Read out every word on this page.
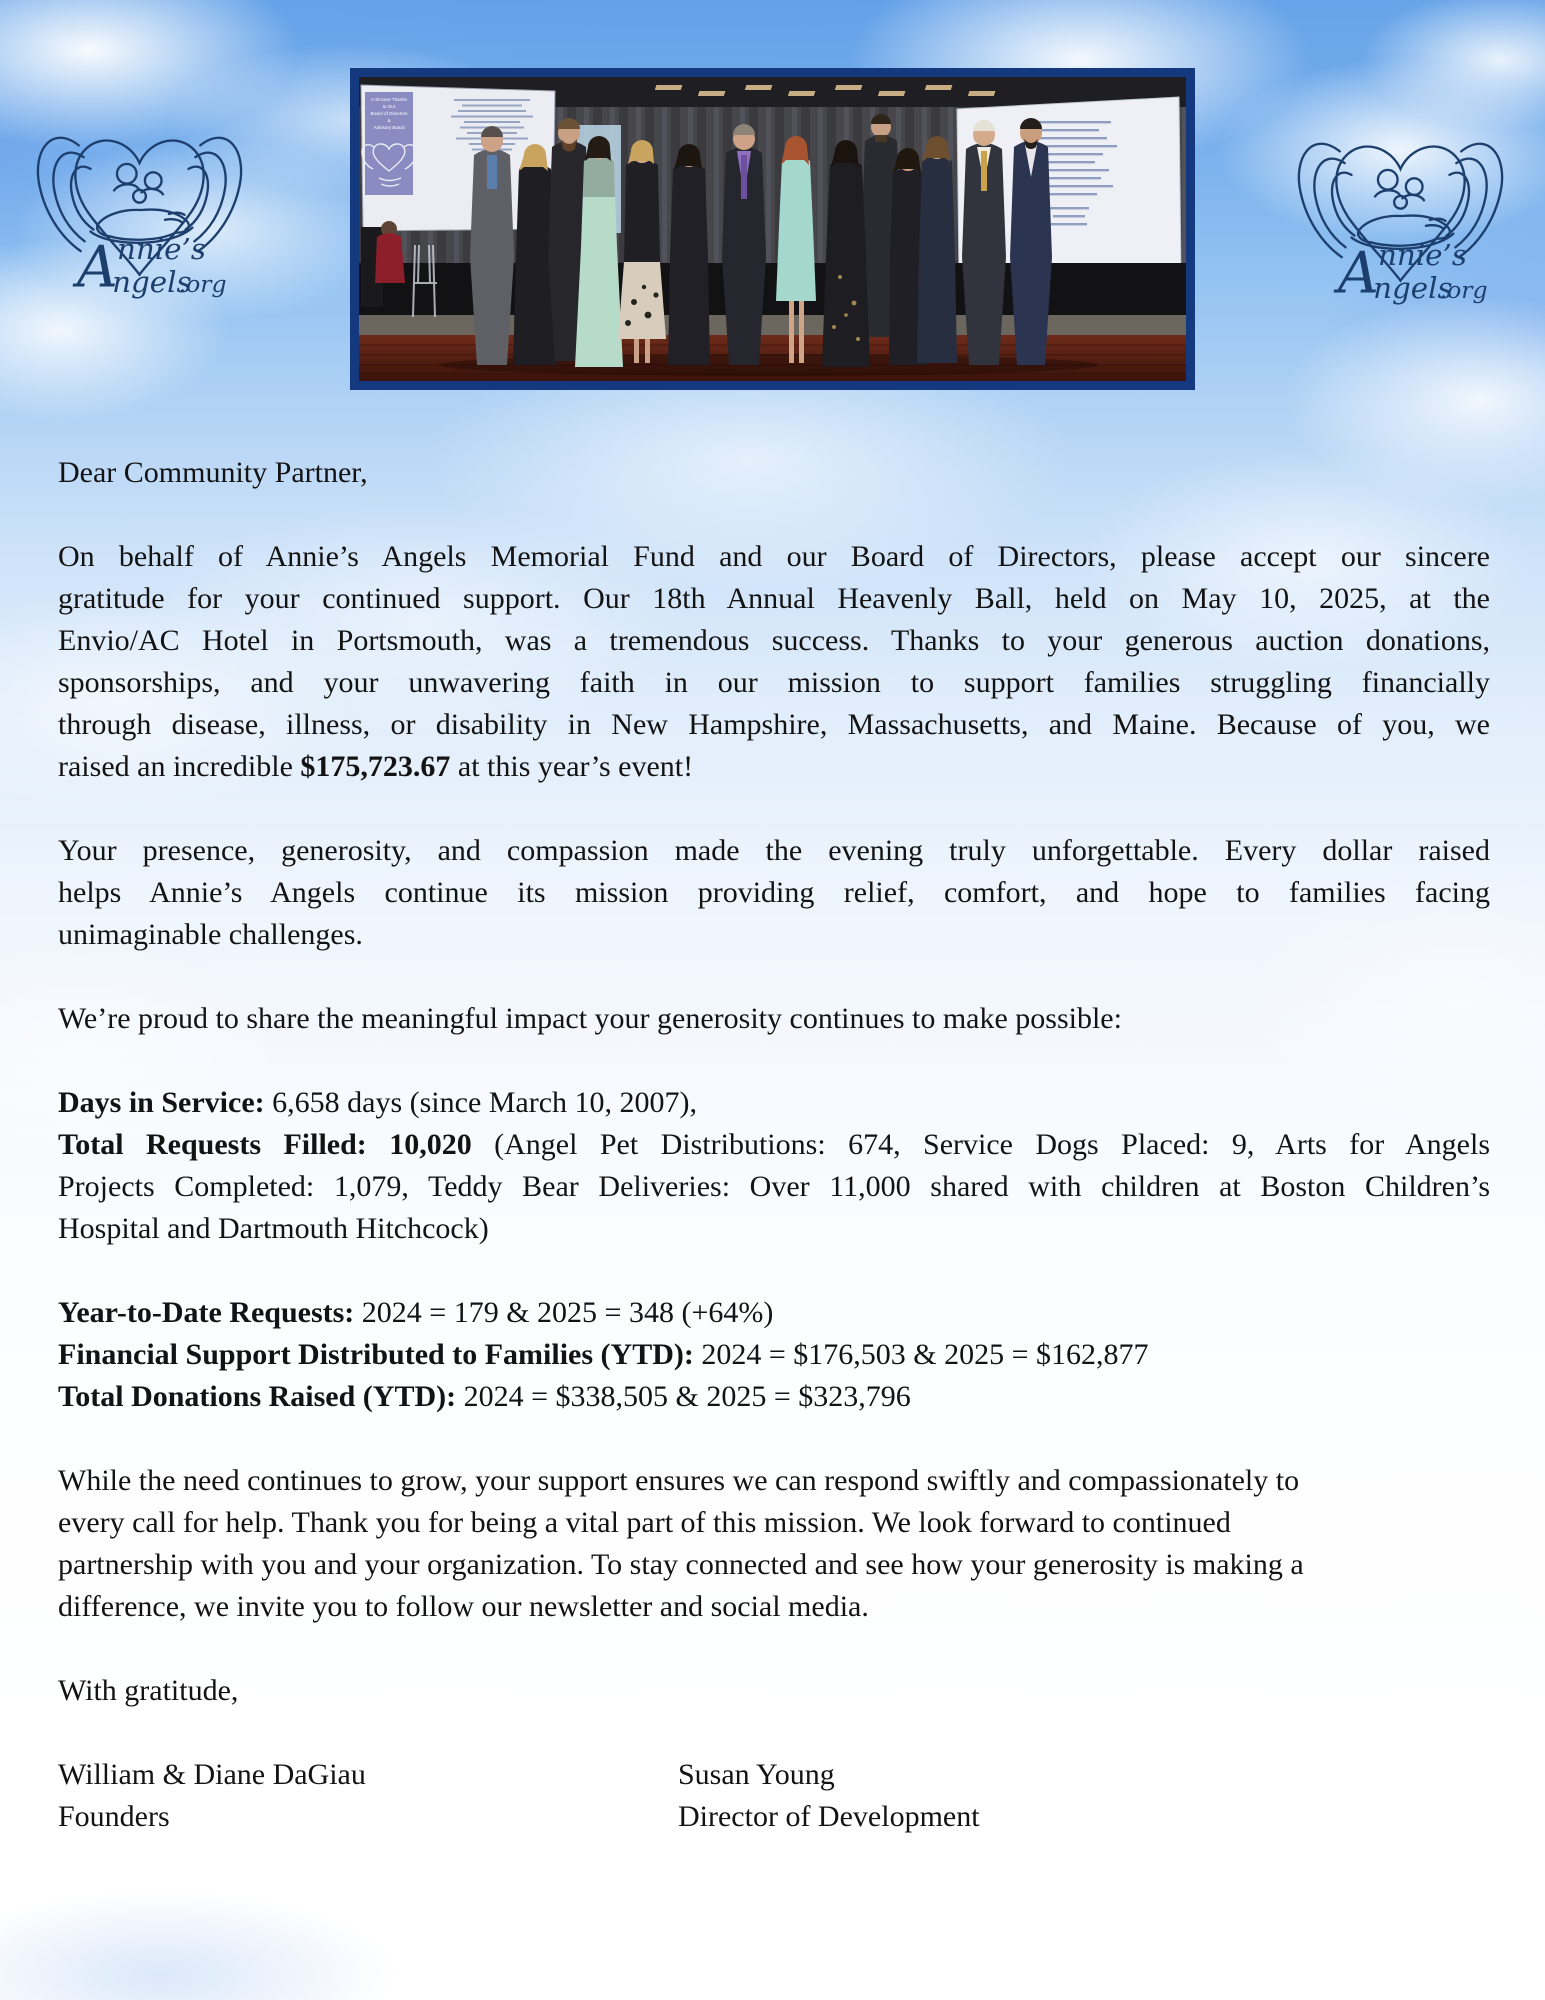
A nnie’s
ngels
.org	A nnie’s
ngels
.org
A Sincere Thanks
to Our
Board of Directors
&
Advisory Board
Dear Community Partner,
On behalf of Annie’s Angels Memorial Fund and our Board of Directors, please accept our sincere
gratitude for your continued support. Our 18th Annual Heavenly Ball, held on May 10, 2025, at the
Envio/AC Hotel in Portsmouth, was a tremendous success. Thanks to your generous auction donations,
sponsorships, and your unwavering faith in our mission to support families struggling financially
through disease, illness, or disability in New Hampshire, Massachusetts, and Maine. Because of you, we
raised an incredible $175,723.67 at this year’s event!
Your presence, generosity, and compassion made the evening truly unforgettable. Every dollar raised
helps Annie’s Angels continue its mission providing relief, comfort, and hope to families facing
unimaginable challenges.
We’re proud to share the meaningful impact your generosity continues to make possible:
Days in Service: 6,658 days (since March 10, 2007),
Total Requests Filled: 10,020 (Angel Pet Distributions: 674, Service Dogs Placed: 9, Arts for Angels
Projects Completed: 1,079, Teddy Bear Deliveries: Over 11,000 shared with children at Boston Children’s
Hospital and Dartmouth Hitchcock)
Year-to-Date Requests: 2024 = 179 & 2025 = 348 (+64%)
Financial Support Distributed to Families (YTD): 2024 = $176,503 & 2025 = $162,877
Total Donations Raised (YTD): 2024 = $338,505 & 2025 = $323,796
While the need continues to grow, your support ensures we can respond swiftly and compassionately to
every call for help. Thank you for being a vital part of this mission. We look forward to continued
partnership with you and your organization. To stay connected and see how your generosity is making a
difference, we invite you to follow our newsletter and social media.
With gratitude,
William & Diane DaGiau	Susan Young
Founders	Director of Development
